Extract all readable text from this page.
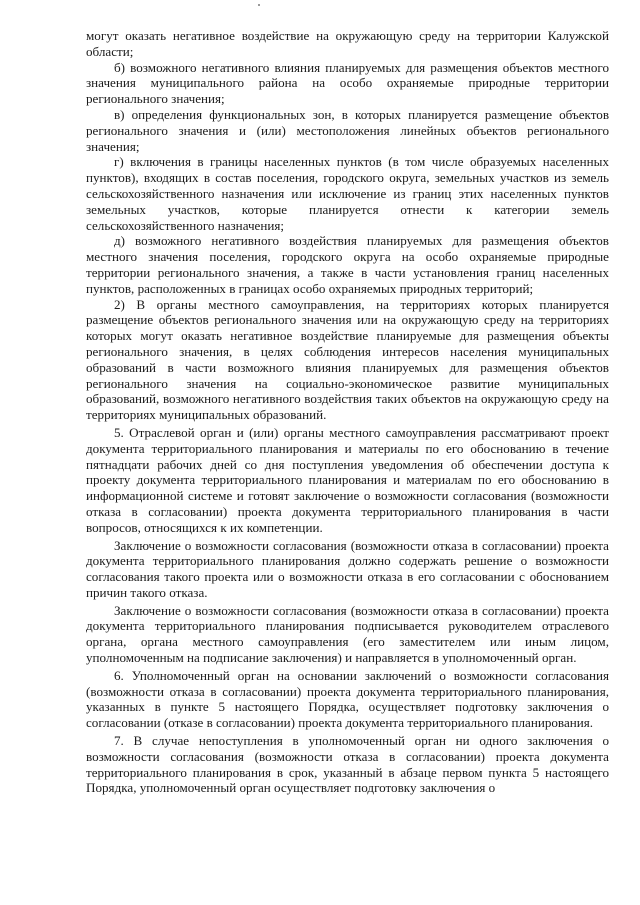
могут оказать негативное воздействие на окружающую среду на территории Калужской области;

б) возможного негативного влияния планируемых для размещения объектов местного значения муниципального района на особо охраняемые природные территории регионального значения;

в) определения функциональных зон, в которых планируется размещение объектов регионального значения и (или) местоположения линейных объектов регионального значения;

г) включения в границы населенных пунктов (в том числе образуемых населенных пунктов), входящих в состав поселения, городского округа, земельных участков из земель сельскохозяйственного назначения или исключение из границ этих населенных пунктов земельных участков, которые планируется отнести к категории земель сельскохозяйственного назначения;

д) возможного негативного воздействия планируемых для размещения объектов местного значения поселения, городского округа на особо охраняемые природные территории регионального значения, а также в части установления границ населенных пунктов, расположенных в границах особо охраняемых природных территорий;

2) В органы местного самоуправления, на территориях которых планируется размещение объектов регионального значения или на окружающую среду на территориях которых могут оказать негативное воздействие планируемые для размещения объекты регионального значения, в целях соблюдения интересов населения муниципальных образований в части возможного влияния планируемых для размещения объектов регионального значения на социально-экономическое развитие муниципальных образований, возможного негативного воздействия таких объектов на окружающую среду на территориях муниципальных образований.

5. Отраслевой орган и (или) органы местного самоуправления рассматривают проект документа территориального планирования и материалы по его обоснованию в течение пятнадцати рабочих дней со дня поступления уведомления об обеспечении доступа к проекту документа территориального планирования и материалам по его обоснованию в информационной системе и готовят заключение о возможности согласования (возможности отказа в согласовании) проекта документа территориального планирования в части вопросов, относящихся к их компетенции.

Заключение о возможности согласования (возможности отказа в согласовании) проекта документа территориального планирования должно содержать решение о возможности согласования такого проекта или о возможности отказа в его согласовании с обоснованием причин такого отказа.

Заключение о возможности согласования (возможности отказа в согласовании) проекта документа территориального планирования подписывается руководителем отраслевого органа, органа местного самоуправления (его заместителем или иным лицом, уполномоченным на подписание заключения) и направляется в уполномоченный орган.

6. Уполномоченный орган на основании заключений о возможности согласования (возможности отказа в согласовании) проекта документа территориального планирования, указанных в пункте 5 настоящего Порядка, осуществляет подготовку заключения о согласовании (отказе в согласовании) проекта документа территориального планирования.

7. В случае непоступления в уполномоченный орган ни одного заключения о возможности согласования (возможности отказа в согласовании) проекта документа территориального планирования в срок, указанный в абзаце первом пункта 5 настоящего Порядка, уполномоченный орган осуществляет подготовку заключения о
